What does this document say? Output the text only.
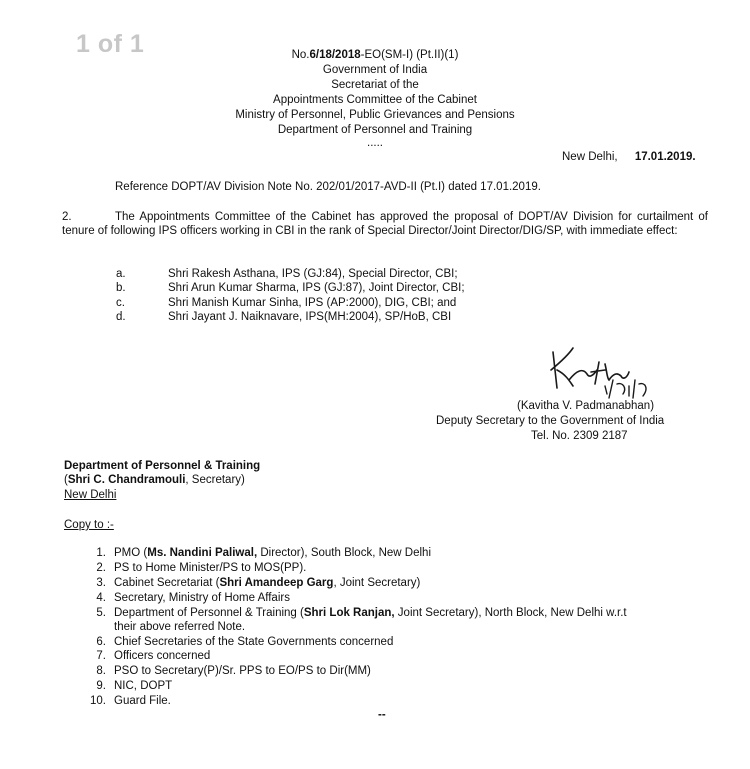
1 of 1	No.6/18/2018-EO(SM-I) (Pt.II)(1)
Government of India
Secretariat of the
Appointments Committee of the Cabinet
Ministry of Personnel, Public Grievances and Pensions
Department of Personnel and Training
.....
New Delhi, 17.01.2019.
Reference DOPT/AV Division Note No. 202/01/2017-AVD-II (Pt.I) dated 17.01.2019.
2.	The Appointments Committee of the Cabinet has approved the proposal of DOPT/AV Division for curtailment of tenure of following IPS officers working in CBI in the rank of Special Director/Joint Director/DIG/SP, with immediate effect:
a.	Shri Rakesh Asthana, IPS (GJ:84), Special Director, CBI;
b.	Shri Arun Kumar Sharma, IPS (GJ:87), Joint Director, CBI;
c.	Shri Manish Kumar Sinha, IPS (AP:2000), DIG, CBI; and
d.	Shri Jayant J. Naiknavare, IPS(MH:2004), SP/HoB, CBI
(Kavitha V. Padmanabhan)
Deputy Secretary to the Government of India
Tel. No. 2309 2187
Department of Personnel & Training
(Shri C. Chandramouli, Secretary)
New Delhi
Copy to :-
1. PMO (Ms. Nandini Paliwal, Director), South Block, New Delhi
2. PS to Home Minister/PS to MOS(PP).
3. Cabinet Secretariat (Shri Amandeep Garg, Joint Secretary)
4. Secretary, Ministry of Home Affairs
5. Department of Personnel & Training (Shri Lok Ranjan, Joint Secretary), North Block, New Delhi w.r.t
their above referred Note.
6. Chief Secretaries of the State Governments concerned
7. Officers concerned
8. PSO to Secretary(P)/Sr. PPS to EO/PS to Dir(MM)
9. NIC, DOPT
10. Guard File.
--
